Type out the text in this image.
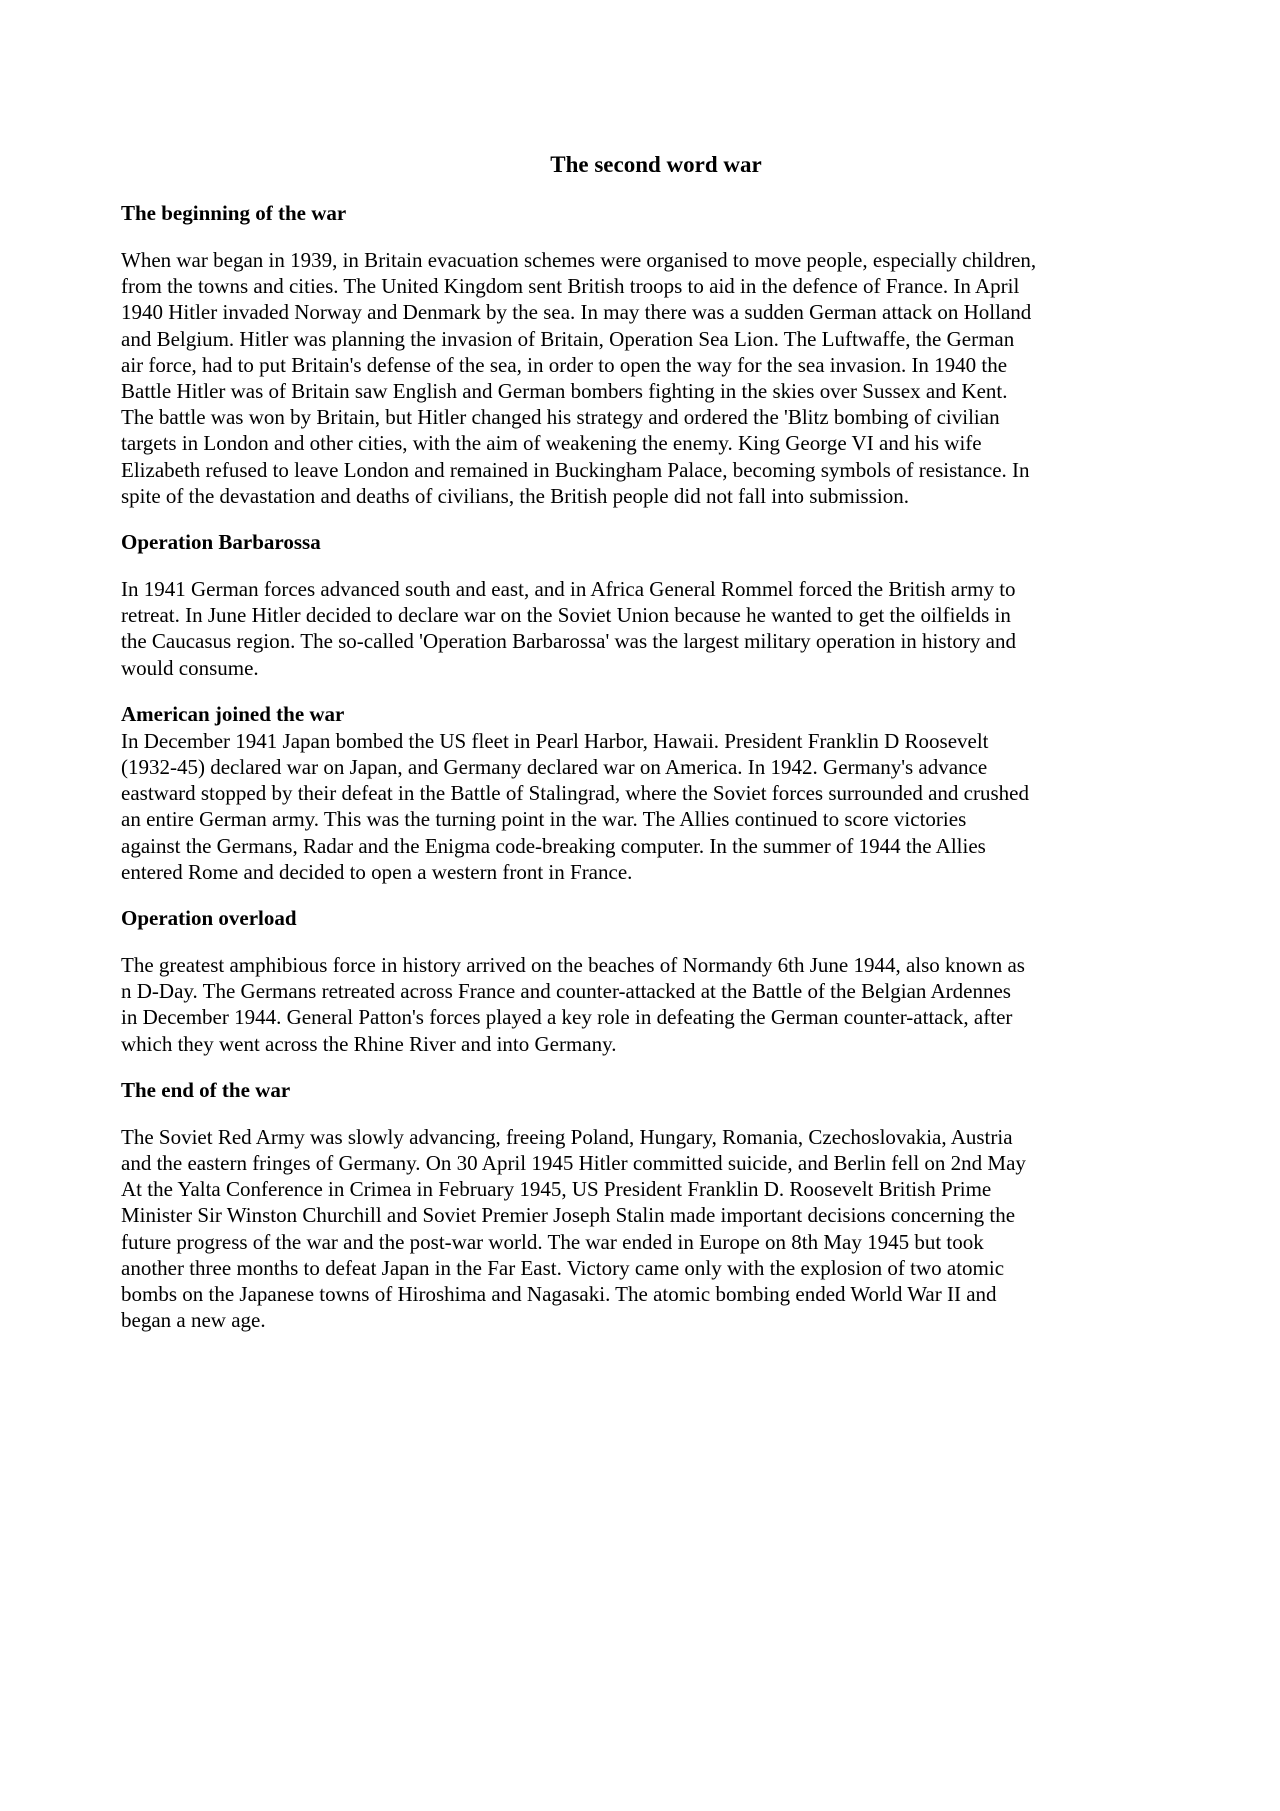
The second word war
The beginning of the war

When war began in 1939, in Britain evacuation schemes were organised to move people, especially children,
from the towns and cities. The United Kingdom sent British troops to aid in the defence of France. In April
1940 Hitler invaded Norway and Denmark by the sea. In may there was a sudden German attack on Holland
and Belgium. Hitler was planning the invasion of Britain, Operation Sea Lion. The Luftwaffe, the German
air force, had to put Britain's defense of the sea, in order to open the way for the sea invasion. In 1940 the
Battle Hitler was of Britain saw English and German bombers fighting in the skies over Sussex and Kent.
The battle was won by Britain, but Hitler changed his strategy and ordered the 'Blitz bombing of civilian
targets in London and other cities, with the aim of weakening the enemy. King George VI and his wife
Elizabeth refused to leave London and remained in Buckingham Palace, becoming symbols of resistance. In
spite of the devastation and deaths of civilians, the British people did not fall into submission.

Operation Barbarossa

In 1941 German forces advanced south and east, and in Africa General Rommel forced the British army to
retreat. In June Hitler decided to declare war on the Soviet Union because he wanted to get the oilfields in
the Caucasus region. The so-called 'Operation Barbarossa' was the largest military operation in history and
would consume.

American joined the war

In December 1941 Japan bombed the US fleet in Pearl Harbor, Hawaii. President Franklin D Roosevelt
(1932-45) declared war on Japan, and Germany declared war on America. In 1942. Germany's advance
eastward stopped by their defeat in the Battle of Stalingrad, where the Soviet forces surrounded and crushed
an entire German army. This was the turning point in the war. The Allies continued to score victories
against the Germans, Radar and the Enigma code-breaking computer. In the summer of 1944 the Allies
entered Rome and decided to open a western front in France.

Operation overload

The greatest amphibious force in history arrived on the beaches of Normandy 6th June 1944, also known as
n D-Day. The Germans retreated across France and counter-attacked at the Battle of the Belgian Ardennes
in December 1944. General Patton's forces played a key role in defeating the German counter-attack, after
which they went across the Rhine River and into Germany.

The end of the war

The Soviet Red Army was slowly advancing, freeing Poland, Hungary, Romania, Czechoslovakia, Austria
and the eastern fringes of Germany. On 30 April 1945 Hitler committed suicide, and Berlin fell on 2nd May
At the Yalta Conference in Crimea in February 1945, US President Franklin D. Roosevelt British Prime
Minister Sir Winston Churchill and Soviet Premier Joseph Stalin made important decisions concerning the
future progress of the war and the post-war world. The war ended in Europe on 8th May 1945 but took
another three months to defeat Japan in the Far East. Victory came only with the explosion of two atomic
bombs on the Japanese towns of Hiroshima and Nagasaki. The atomic bombing ended World War II and
began a new age.
